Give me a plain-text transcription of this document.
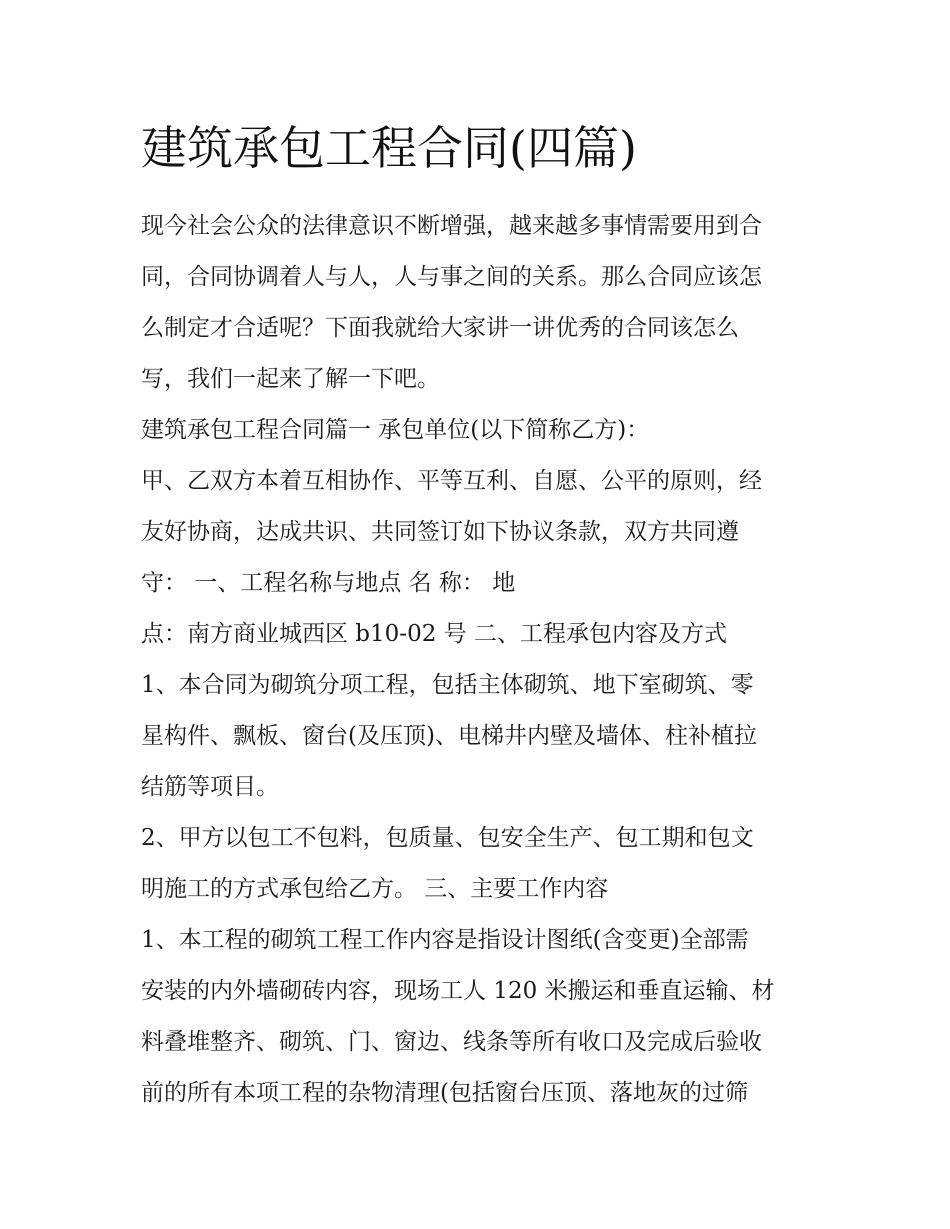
建筑承包工程合同(四篇)
现今社会公众的法律意识不断增强，越来越多事情需要用到合
同，合同协调着人与人，人与事之间的关系。那么合同应该怎
么制定才合适呢？下面我就给大家讲一讲优秀的合同该怎么
写，我们一起来了解一下吧。
建筑承包工程合同篇一 承包单位(以下简称乙方)：
甲、乙双方本着互相协作、平等互利、自愿、公平的原则，经
友好协商，达成共识、共同签订如下协议条款，双方共同遵
守： 一、工程名称与地点 名 称： 地
点：南方商业城西区 b10-02 号 二、工程承包内容及方式
1、本合同为砌筑分项工程，包括主体砌筑、地下室砌筑、零
星构件、飘板、窗台(及压顶)、电梯井内壁及墙体、柱补植拉
结筋等项目。
2、甲方以包工不包料，包质量、包安全生产、包工期和包文
明施工的方式承包给乙方。 三、主要工作内容
1、本工程的砌筑工程工作内容是指设计图纸(含变更)全部需
安装的内外墙砌砖内容，现场工人 120 米搬运和垂直运输、材
料叠堆整齐、砌筑、门、窗边、线条等所有收口及完成后验收
前的所有本项工程的杂物清理(包括窗台压顶、落地灰的过筛
